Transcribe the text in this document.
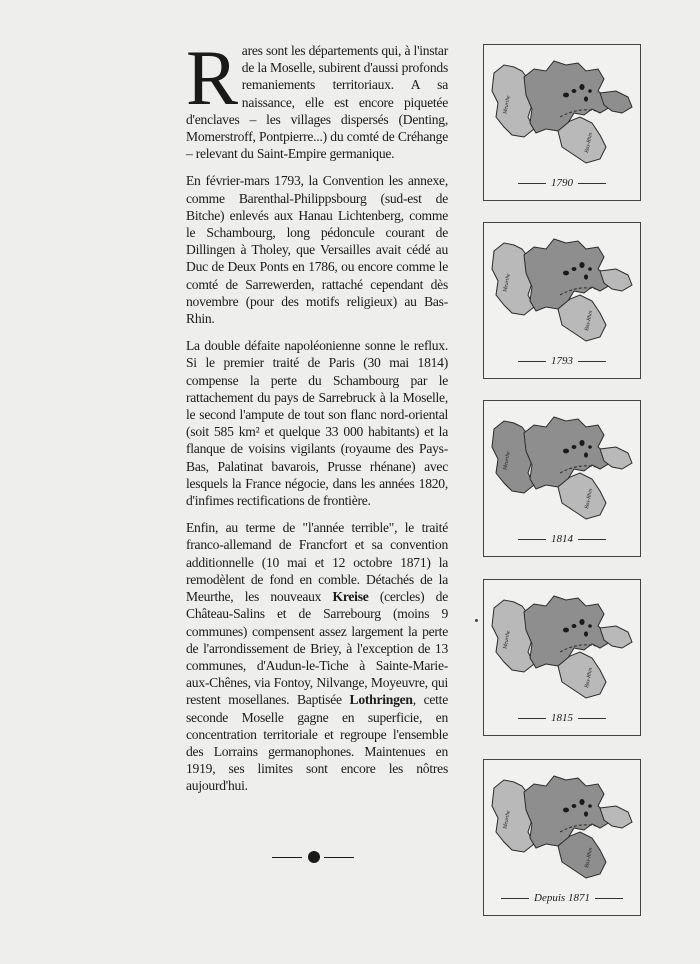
Rares sont les départements qui, à l'instar de la Moselle, subirent d'aussi profonds remaniements territoriaux. A sa naissance, elle est encore piquetée d'enclaves – les villages dispersés (Denting, Momerstroff, Pontpierre...) du comté de Créhange – relevant du Saint-Empire germanique.

En février-mars 1793, la Convention les annexe, comme Barenthal-Philippsbourg (sud-est de Bitche) enlevés aux Hanau Lichtenberg, comme le Schambourg, long pédoncule courant de Dillingen à Tholey, que Versailles avait cédé au Duc de Deux Ponts en 1786, ou encore comme le comté de Sarrewerden, rattaché cependant dès novembre (pour des motifs religieux) au Bas-Rhin.

La double défaite napoléonienne sonne le reflux. Si le premier traité de Paris (30 mai 1814) compense la perte du Schambourg par le rattachement du pays de Sarrebruck à la Moselle, le second l'ampute de tout son flanc nord-oriental (soit 585 km² et quelque 33 000 habitants) et la flanque de voisins vigilants (royaume des Pays-Bas, Palatinat bavarois, Prusse rhénane) avec lesquels la France négocie, dans les années 1820, d'infimes rectifications de frontière.

Enfin, au terme de "l'année terrible", le traité franco-allemand de Francfort et sa convention additionnelle (10 mai et 12 octobre 1871) la remodèlent de fond en comble. Détachés de la Meurthe, les nouveaux Kreise (cercles) de Château-Salins et de Sarrebourg (moins 9 communes) compensent assez largement la perte de l'arrondissement de Briey, à l'exception de 13 communes, d'Audun-le-Tiche à Sainte-Marie-aux-Chênes, via Fontoy, Nilvange, Moyeuvre, qui restent mosellanes. Baptisée Lothringen, cette seconde Moselle gagne en superficie, en concentration territoriale et regroupe l'ensemble des Lorrains germanophones. Maintenues en 1919, ses limites sont encore les nôtres aujourd'hui.

Meurthe
Bas-Rhin
1790
Meurthe
Bas-Rhin
1793
Meurthe
Bas-Rhin
1814
Meurthe
Bas-Rhin
1815
Meurthe
Bas-Rhin
Depuis 1871
